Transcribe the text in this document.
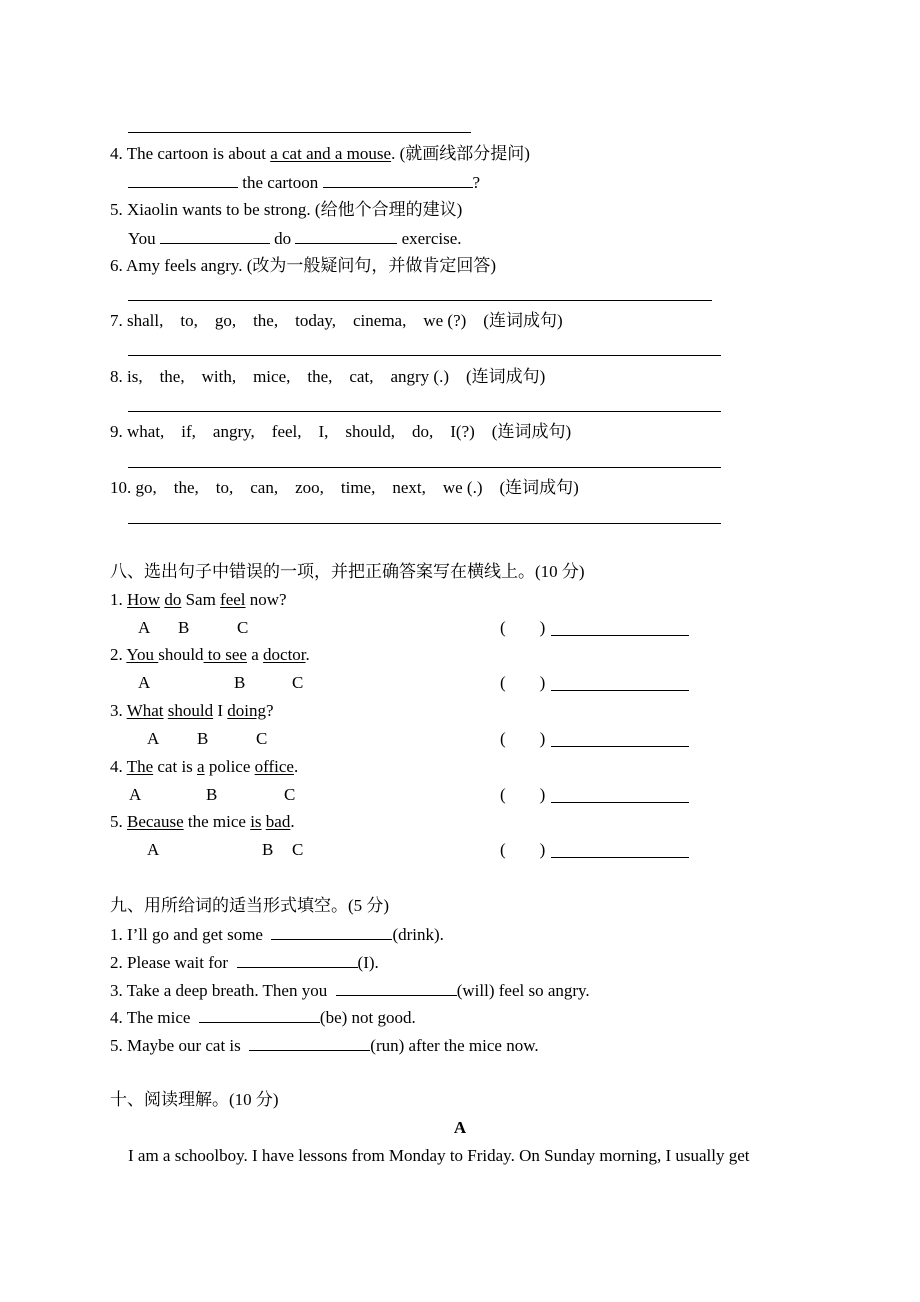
4. The cartoon is about a cat and a mouse. (就画线部分提问)
the cartoon	?
5. Xiaolin wants to be strong. (给他个合理的建议)
You	do	exercise.
6. Amy feels angry. (改为一般疑问句，并做肯定回答)
7. shall,    to,    go,    the,    today,    cinema,    we (?)    (连词成句)
8. is,    the,    with,    mice,    the,    cat,    angry (.)    (连词成句)
9. what,    if,    angry,    feel,    I,    should,    do,    I(?)    (连词成句)
10. go,    the,    to,    can,    zoo,    time,    next,    we (.)    (连词成句)
八、选出句子中错误的一项，并把正确答案写在横线上。(10 分)
1. How do Sam feel now?
A B	C	(        )
2. You should to see a doctor.
A	B	C	(        )
3. What should I doing?
A B	C	(        )
4. The cat is a police office.
A	B	C	(        )
5. Because the mice is bad.
A	B C	(        )
九、用所给词的适当形式填空。(5 分)
1. I’ll go and get some	(drink).
2. Please wait for	(I).
3. Take a deep breath. Then you	(will) feel so angry.
4. The mice	(be) not good.
5. Maybe our cat is	(run) after the mice now.
十、阅读理解。(10 分)
A
I am a schoolboy. I have lessons from Monday to Friday. On Sunday morning, I usually get
